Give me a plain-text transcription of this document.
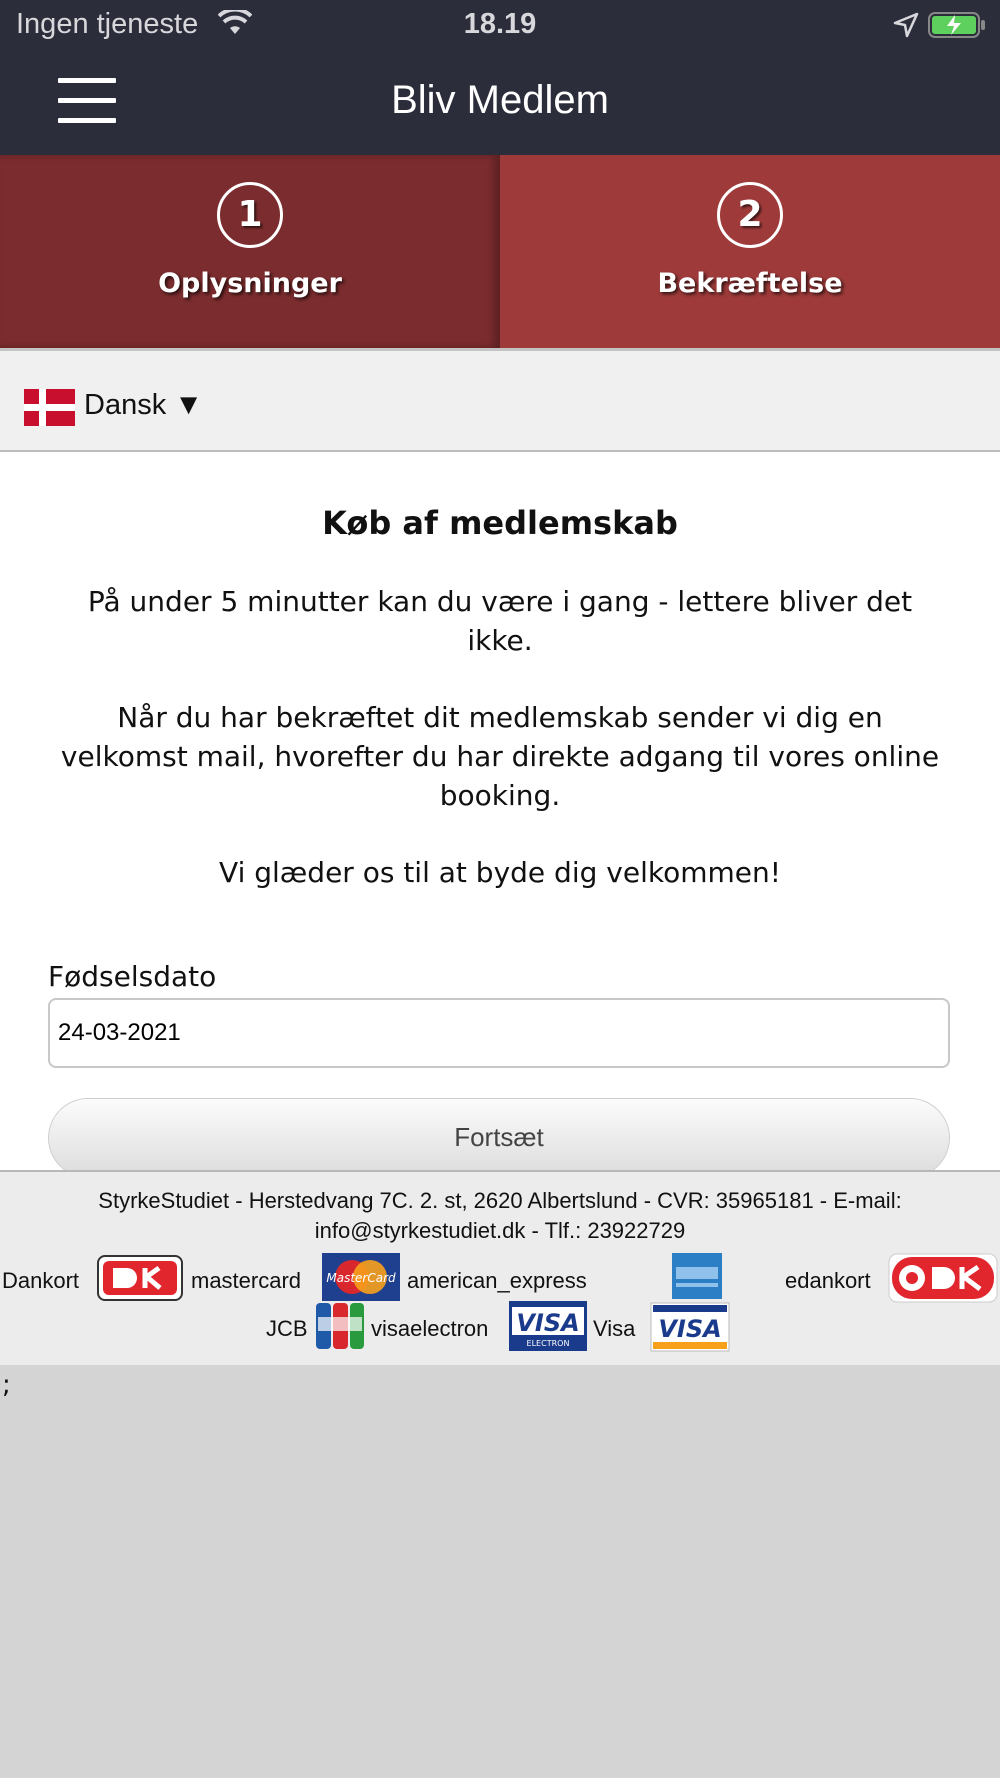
Ingen tjeneste	18.19
Bliv Medlem
1
Oplysninger
2
Bekræftelse
Dansk ▼
Køb af medlemskab
På under 5 minutter kan du være i gang - lettere bliver det ikke.
Når du har bekræftet dit medlemskab sender vi dig en velkomst mail, hvorefter du har direkte adgang til vores online booking.
Vi glæder os til at byde dig velkommen!
Fødselsdato
24-03-2021
Fortsæt
StyrkeStudiet - Herstedvang 7C. 2. st, 2620 Albertslund - CVR: 35965181 - E-mail:
info@styrkestudiet.dk - Tlf.: 23922729
Dankort	mastercard MasterCard american_express	edankort
JCB	visaelectron VISA
ELECTRON
Visa VISA
;
